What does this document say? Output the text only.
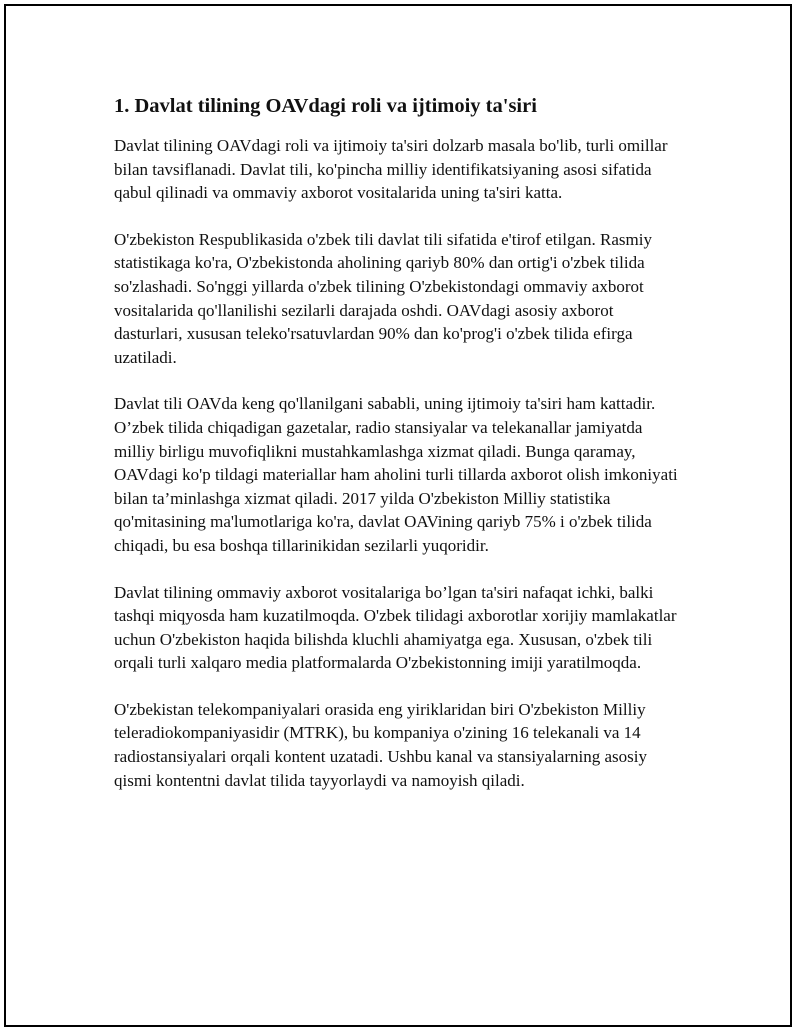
1. Davlat tilining OAVdagi roli va ijtimoiy ta'siri

Davlat tilining OAVdagi roli va ijtimoiy ta'siri dolzarb masala bo'lib, turli omillar bilan tavsiflanadi. Davlat tili, ko'pincha milliy identifikatsiyaning asosi sifatida qabul qilinadi va ommaviy axborot vositalarida uning ta'siri katta.

O'zbekiston Respublikasida o'zbek tili davlat tili sifatida e'tirof etilgan. Rasmiy statistikaga ko'ra, O'zbekistonda aholining qariyb 80% dan ortig'i o'zbek tilida so'zlashadi. So'nggi yillarda o'zbek tilining O'zbekistondagi ommaviy axborot vositalarida qo'llanilishi sezilarli darajada oshdi. OAVdagi asosiy axborot dasturlari, xususan teleko'rsatuvlardan 90% dan ko'prog'i o'zbek tilida efirga uzatiladi.

Davlat tili OAVda keng qo'llanilgani sababli, uning ijtimoiy ta'siri ham kattadir. O’zbek tilida chiqadigan gazetalar, radio stansiyalar va telekanallar jamiyatda milliy birligu muvofiqlikni mustahkamlashga xizmat qiladi. Bunga qaramay, OAVdagi ko'p tildagi materiallar ham aholini turli tillarda axborot olish imkoniyati bilan ta’minlashga xizmat qiladi. 2017 yilda O'zbekiston Milliy statistika qo'mitasining ma'lumotlariga ko'ra, davlat OAVining qariyb 75% i o'zbek tilida chiqadi, bu esa boshqa tillarinikidan sezilarli yuqoridir.

Davlat tilining ommaviy axborot vositalariga bo’lgan ta'siri nafaqat ichki, balki tashqi miqyosda ham kuzatilmoqda. O'zbek tilidagi axborotlar xorijiy mamlakatlar uchun O'zbekiston haqida bilishda kluchli ahamiyatga ega. Xususan, o'zbek tili orqali turli xalqaro media platformalarda O'zbekistonning imiji yaratilmoqda.

O'zbekistan telekompaniyalari orasida eng yiriklaridan biri O'zbekiston Milliy teleradiokompaniyasidir (MTRK), bu kompaniya o'zining 16 telekanali va 14 radiostansiyalari orqali kontent uzatadi. Ushbu kanal va stansiyalarning asosiy qismi kontentni davlat tilida tayyorlaydi va namoyish qiladi.
